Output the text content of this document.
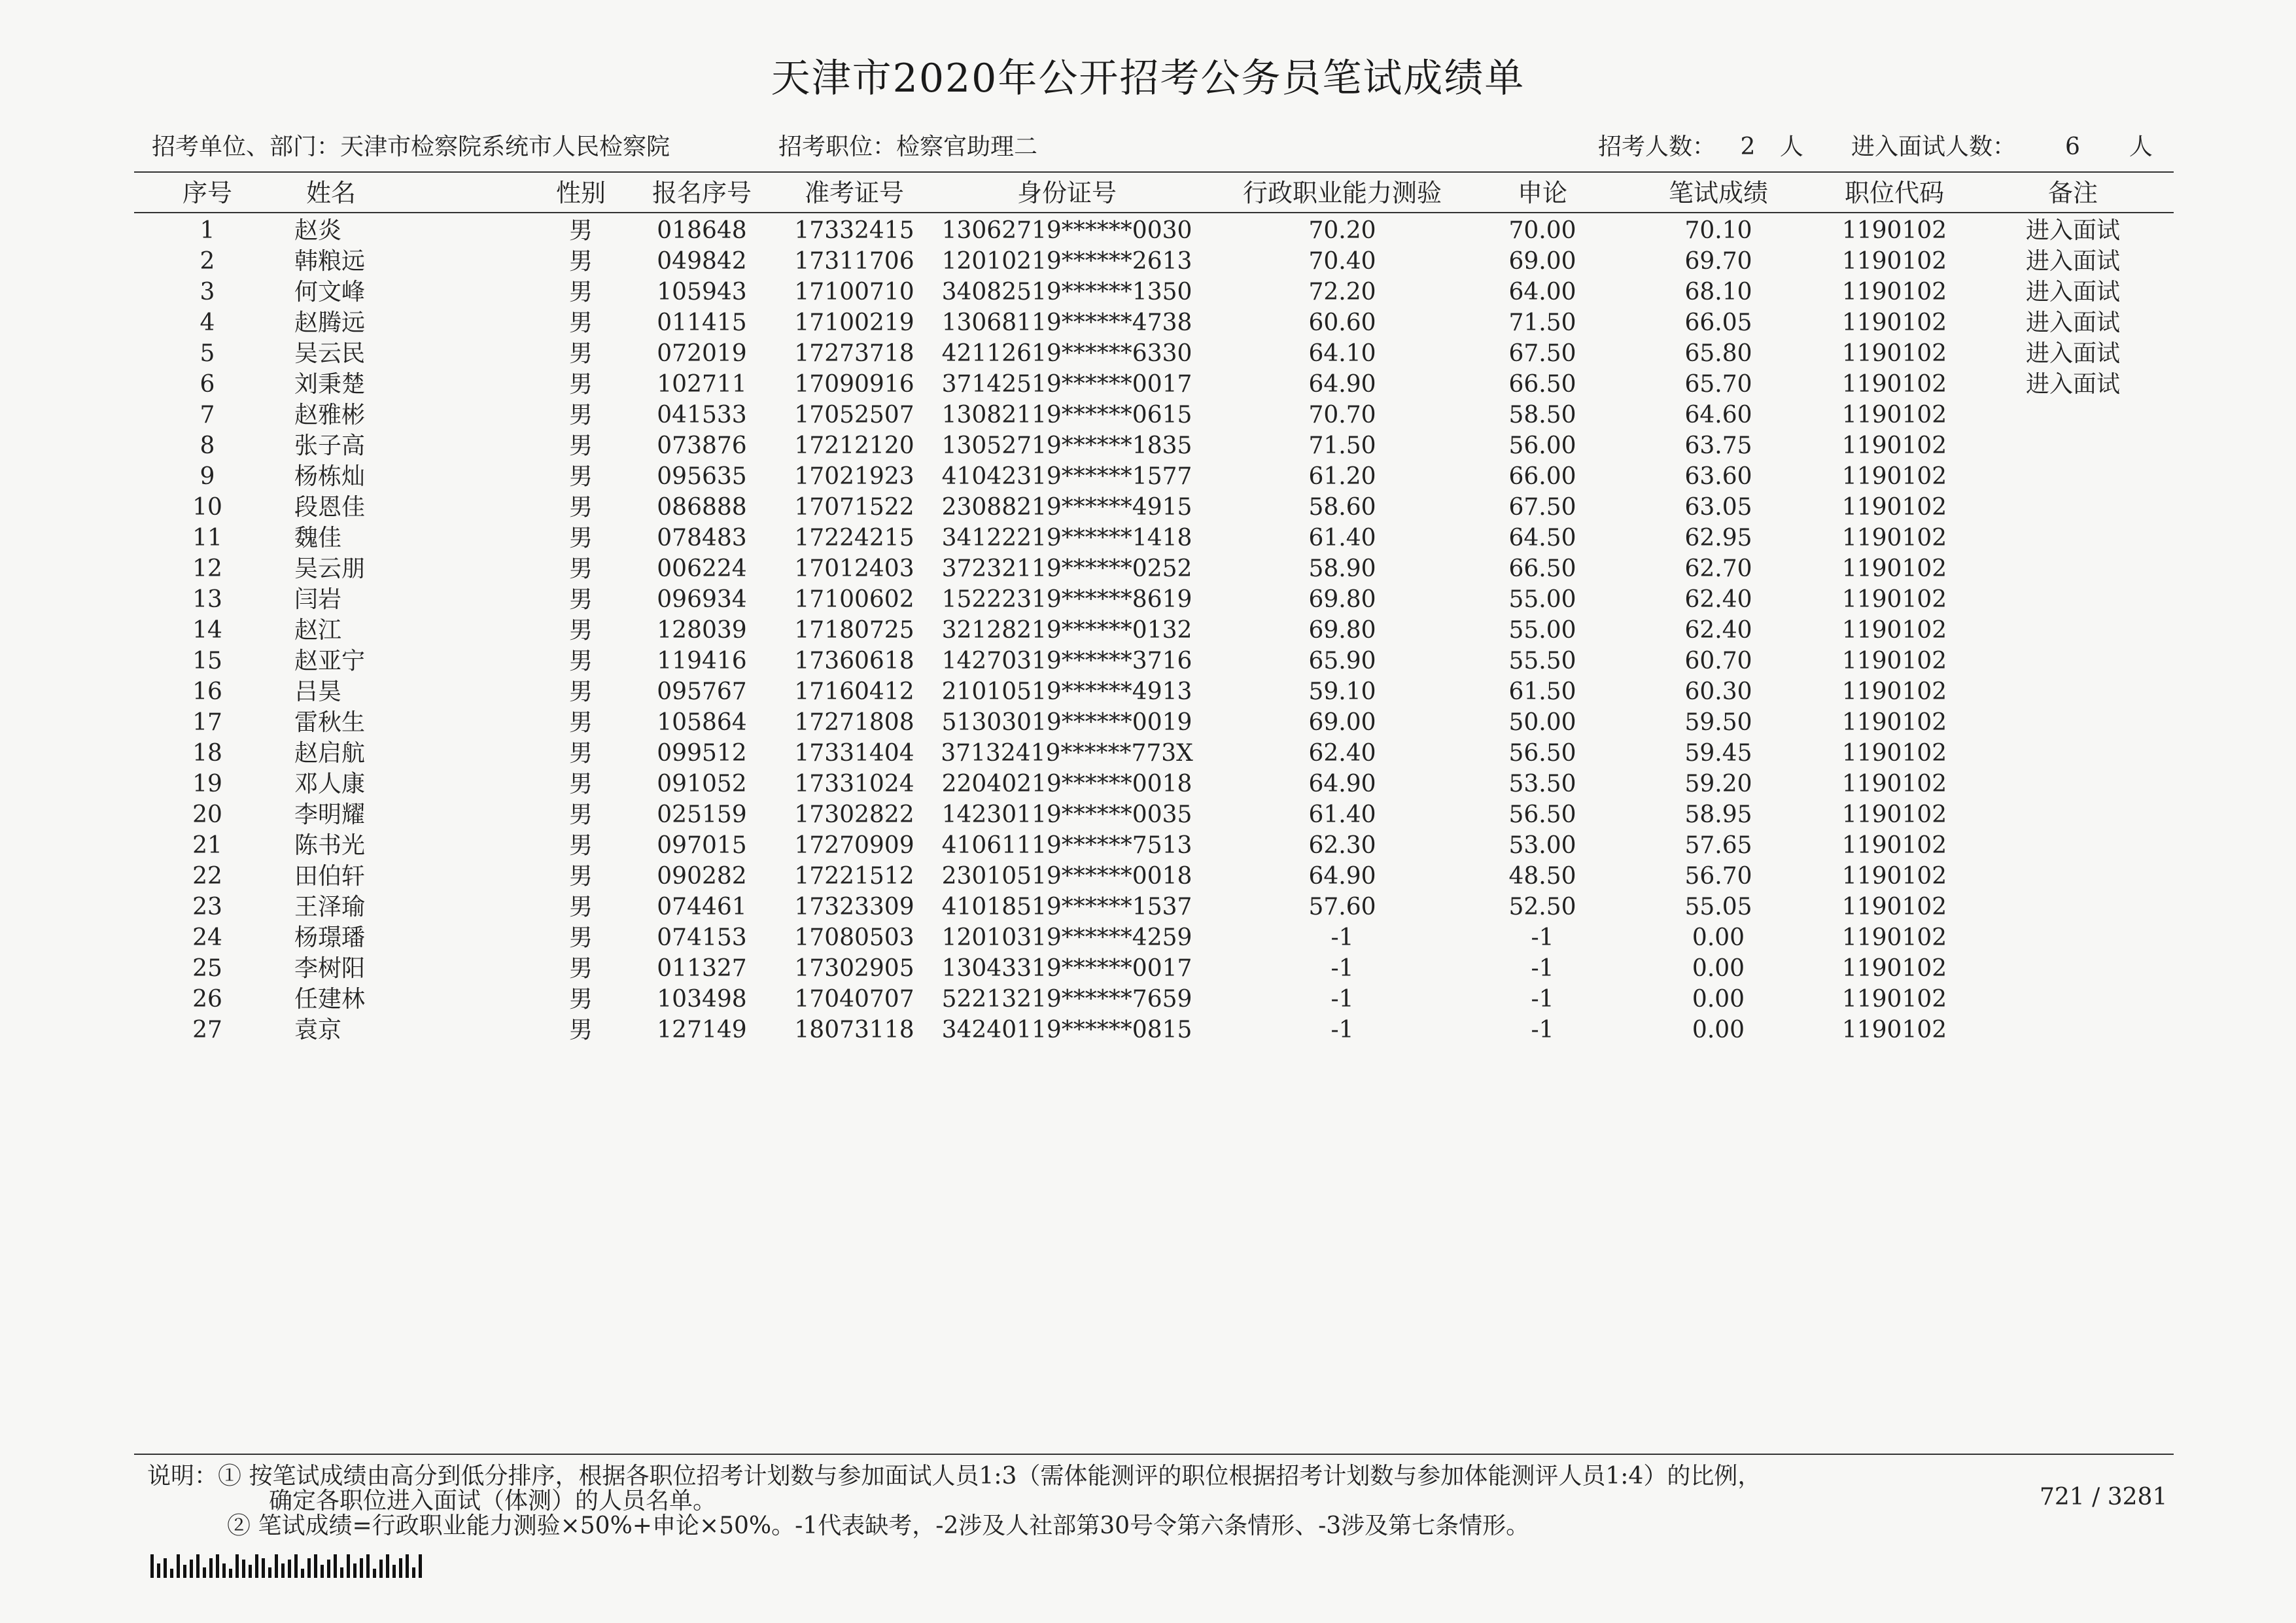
天津市2020年公开招考公务员笔试成绩单
招考单位、部门：天津市检察院系统市人民检察院	招考职位：检察官助理二	招考人数： 2 人 进入面试人数： 6 人
序号	姓名	性别 报名序号 准考证号	身份证号	行政职业能力测验	申论	笔试成绩	职位代码	备注
1	赵炎	男	018648 17332415 13062719******0030	70.20	70.00	70.10	1190102	进入面试
2	韩粮远	男	049842 17311706 12010219******2613	70.40	69.00	69.70	1190102	进入面试
3	何文峰	男	105943 17100710 34082519******1350	72.20	64.00	68.10	1190102	进入面试
4	赵腾远	男	011415 17100219 13068119******4738	60.60	71.50	66.05	1190102	进入面试
5	吴云民	男	072019 17273718 42112619******6330	64.10	67.50	65.80	1190102	进入面试
6	刘秉楚	男	102711 17090916 37142519******0017	64.90	66.50	65.70	1190102	进入面试
7	赵雅彬	男	041533 17052507 13082119******0615	70.70	58.50	64.60	1190102
8	张子高	男	073876 17212120 13052719******1835	71.50	56.00	63.75	1190102
9	杨栋灿	男	095635 17021923 41042319******1577	61.20	66.00	63.60	1190102
10	段恩佳	男	086888 17071522 23088219******4915	58.60	67.50	63.05	1190102
11	魏佳	男	078483 17224215 34122219******1418	61.40	64.50	62.95	1190102
12	吴云朋	男	006224 17012403 37232119******0252	58.90	66.50	62.70	1190102
13	闫岩	男	096934 17100602 15222319******8619	69.80	55.00	62.40	1190102
14	赵江	男	128039 17180725 32128219******0132	69.80	55.00	62.40	1190102
15	赵亚宁	男	119416 17360618 14270319******3716	65.90	55.50	60.70	1190102
16	吕昊	男	095767 17160412 21010519******4913	59.10	61.50	60.30	1190102
17	雷秋生	男	105864 17271808 51303019******0019	69.00	50.00	59.50	1190102
18	赵启航	男	099512 17331404 37132419******773X	62.40	56.50	59.45	1190102
19	邓人康	男	091052 17331024 22040219******0018	64.90	53.50	59.20	1190102
20	李明耀	男	025159 17302822 14230119******0035	61.40	56.50	58.95	1190102
21	陈书光	男	097015 17270909 41061119******7513	62.30	53.00	57.65	1190102
22	田伯轩	男	090282 17221512 23010519******0018	64.90	48.50	56.70	1190102
23	王泽瑜	男	074461 17323309 41018519******1537	57.60	52.50	55.05	1190102
24	杨璟璠	男	074153 17080503 12010319******4259	-1	-1	0.00	1190102
25	李树阳	男	011327 17302905 13043319******0017	-1	-1	0.00	1190102
26	任建林	男	103498 17040707 52213219******7659	-1	-1	0.00	1190102
27	袁京	男	127149 18073118 34240119******0815	-1	-1	0.00	1190102
说明：① 按笔试成绩由高分到低分排序，根据各职位招考计划数与参加面试人员1:3（需体能测评的职位根据招考计划数与参加体能测评人员1:4）的比例，
确定各职位进入面试（体测）的人员名单。
② 笔试成绩=行政职业能力测验×50%+申论×50%。-1代表缺考，-2涉及人社部第30号令第六条情形、-3涉及第七条情形。
721 / 3281
